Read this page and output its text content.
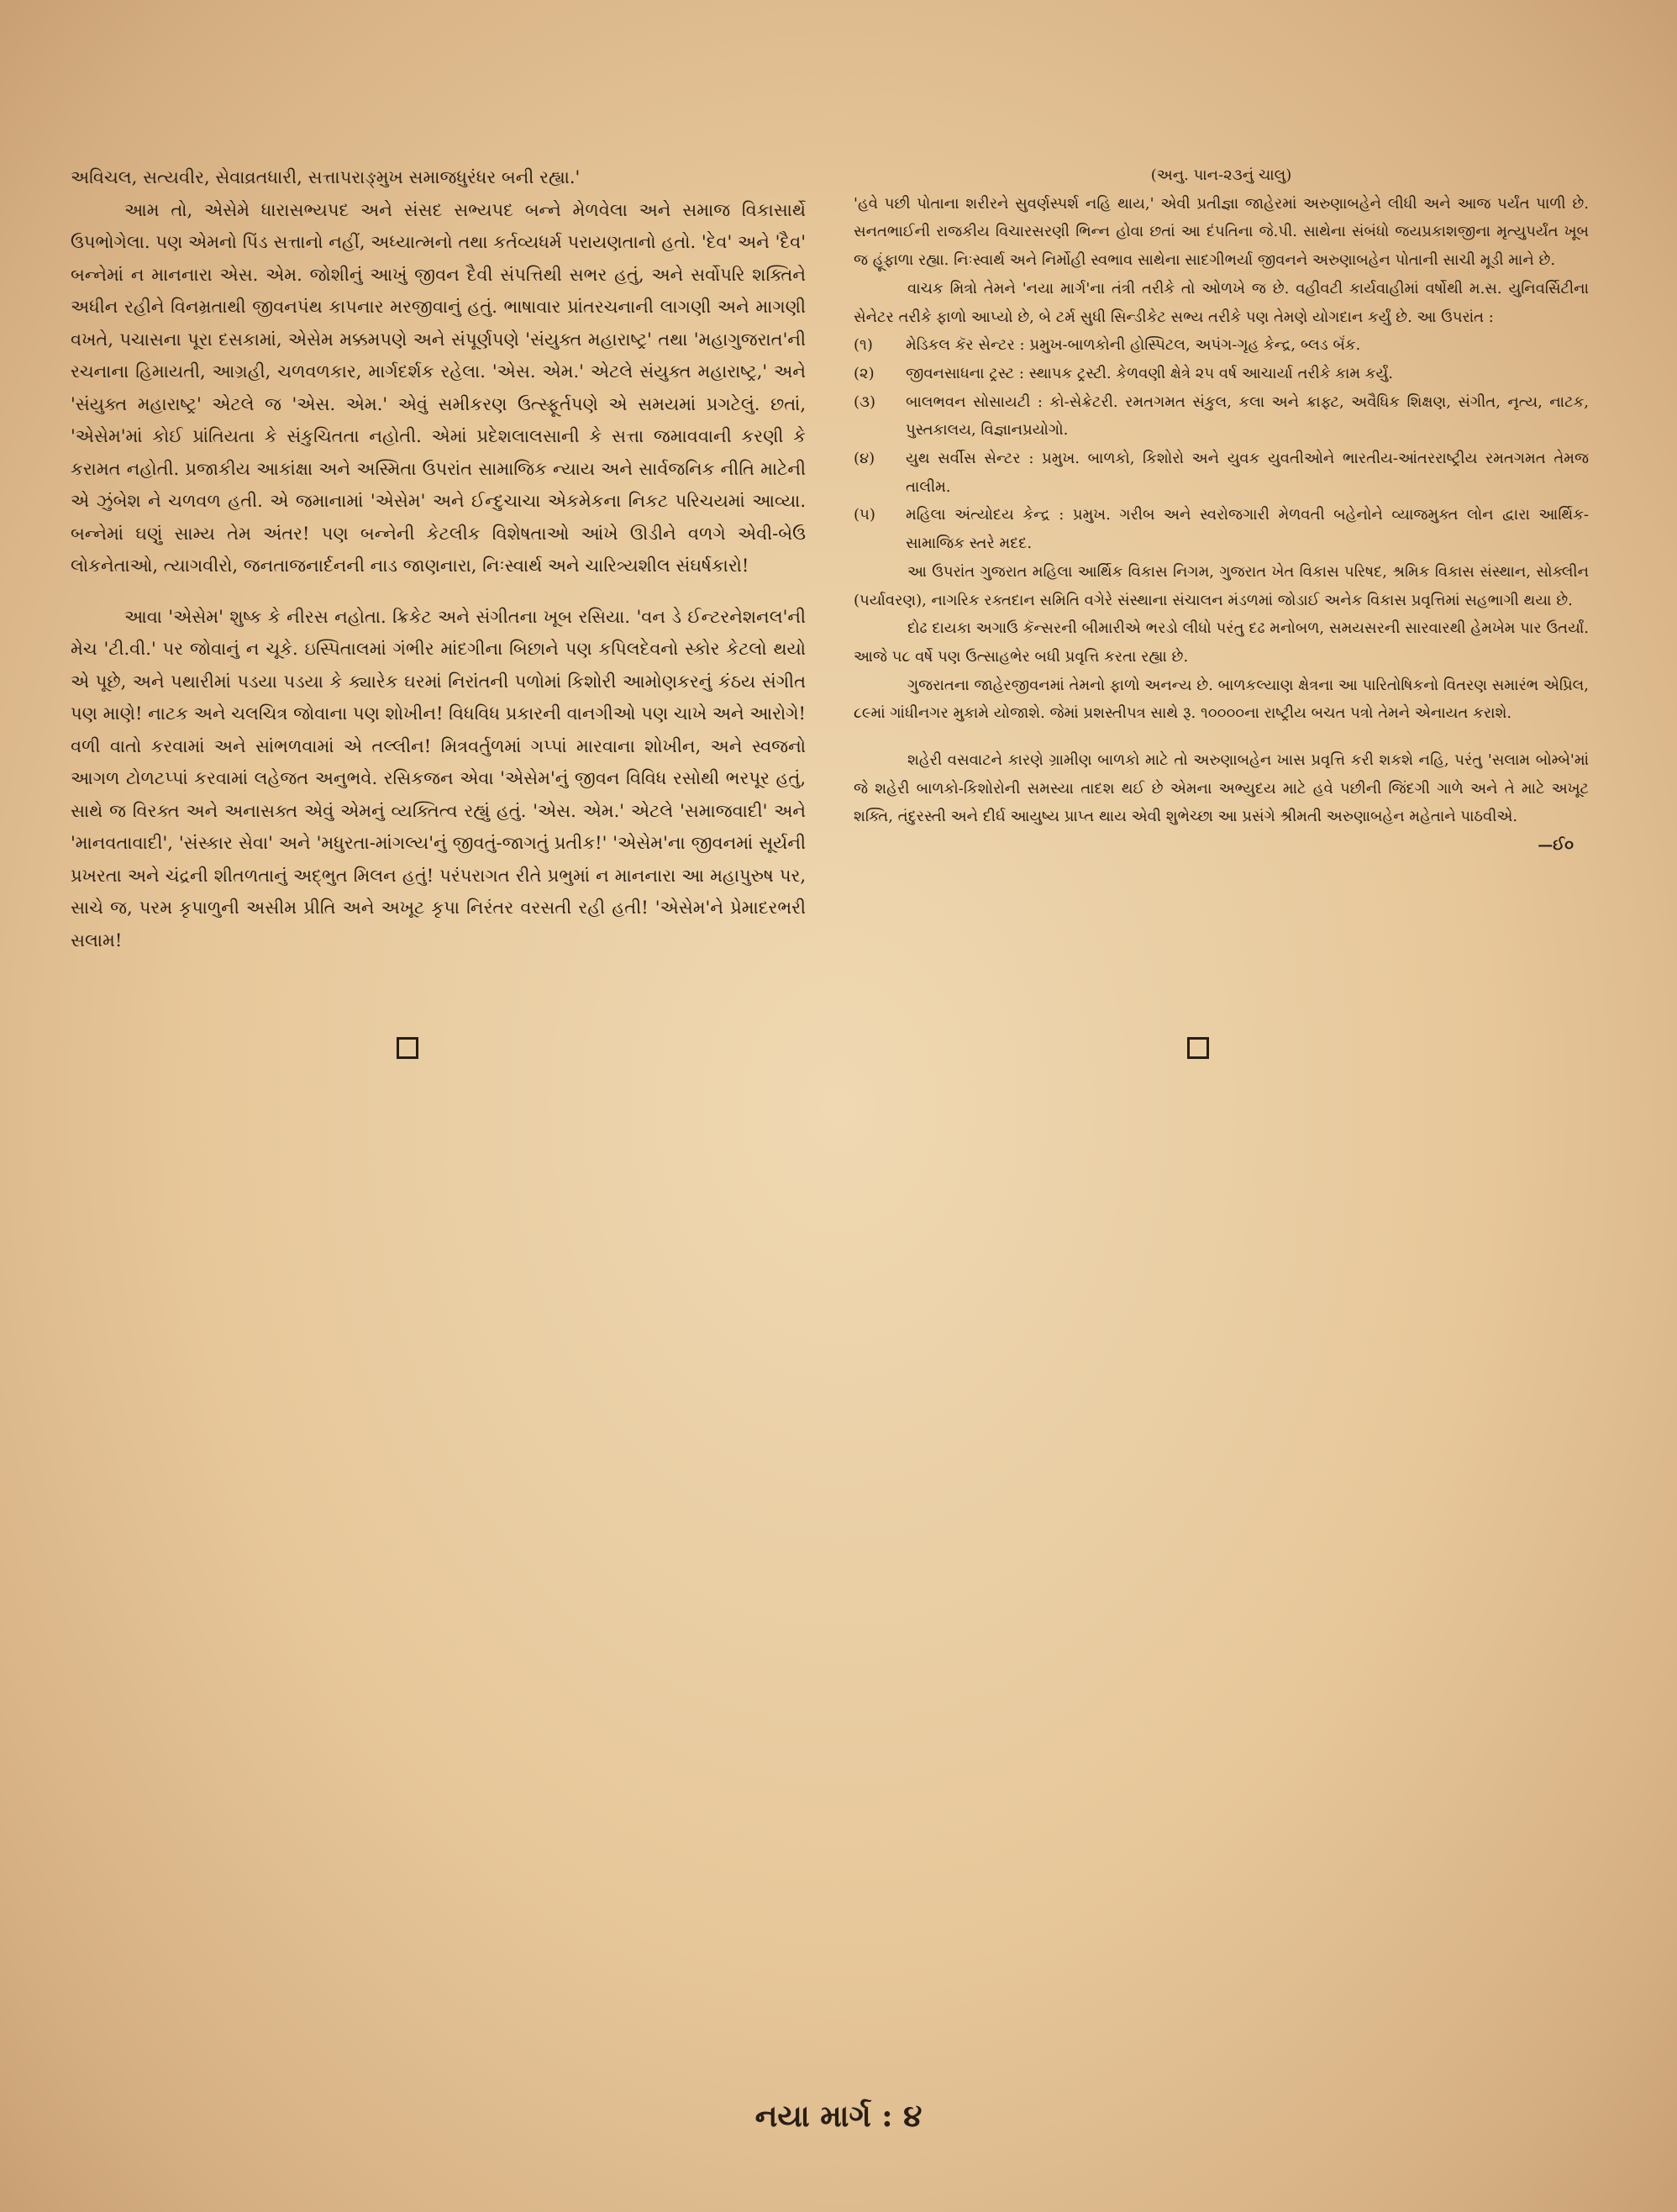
અવિચલ, સત્યવીર, સેવાવ્રતધારી, સત્તાપરાઙ્‌મુખ સમાજધુરંધર બની રહ્યા.'

આમ તો, એસેમે ધારાસભ્યપદ અને સંસદ સભ્યપદ બન્ને મેળવેલા અને સમાજ વિકાસાર્થે ઉપભોગેલા. પણ એમનો પિંડ સત્તાનો નહીં, અધ્યાત્મનો તથા કર્તવ્યધર્મ પરાયણતાનો હતો. 'દેવ' અને 'દૈવ' બન્નેમાં ન માનનારા એસ. એમ. જોશીનું આખું જીવન દૈવી સંપત્તિથી સભર હતું, અને સર્વોપરિ શક્તિને અધીન રહીને વિનમ્રતાથી જીવનપંથ કાપનાર મરજીવાનું હતું. ભાષાવાર પ્રાંતરચનાની લાગણી અને માગણી વખતે, પચાસના પૂરા દસકામાં, એસેમ મક્કમપણે અને સંપૂર્ણપણે 'સંયુક્ત મહારાષ્ટ્ર' તથા 'મહાગુજરાત'ની રચનાના હિમાયતી, આગ્રહી, ચળવળકાર, માર્ગદર્શક રહેલા. 'એસ. એમ.' એટલે સંયુક્ત મહારાષ્ટ્ર,' અને 'સંયુક્ત મહારાષ્ટ્ર' એટલે જ 'એસ. એમ.' એવું સમીકરણ ઉત્સ્ફૂર્તપણે એ સમયમાં પ્રગટેલું. છતાં, 'એસેમ'માં કોઈ પ્રાંતિયતા કે સંકુચિતતા નહોતી. એમાં પ્રદેશલાલસાની કે સત્તા જમાવવાની કરણી કે કરામત નહોતી. પ્રજાકીય આકાંક્ષા અને અસ્મિતા ઉપરાંત સામાજિક ન્યાય અને સાર્વજનિક નીતિ માટેની એ ઝુંબેશ ને ચળવળ હતી. એ જમાનામાં 'એસેમ' અને ઈન્દુચાચા એકમેકના નિકટ પરિચયમાં આવ્યા. બન્નેમાં ઘણું સામ્ય તેમ અંતર! પણ બન્નેની કેટલીક વિશેષતાઓ આંખે ઊડીને વળગે એવી-બેઉ લોકનેતાઓ, ત્યાગવીરો, જનતાજનાર્દનની નાડ જાણનારા, નિઃસ્વાર્થ અને ચારિત્ર્યશીલ સંઘર્ષકારો!

આવા 'એસેમ' શુષ્ક કે નીરસ નહોતા. ક્રિકેટ અને સંગીતના ખૂબ રસિયા. 'વન ડે ઈન્ટરનેશનલ'ની મેચ 'ટી.વી.' પર જોવાનું ન ચૂકે. ઇસ્પિતાલમાં ગંભીર માંદગીના બિછાને પણ કપિલદેવનો સ્કોર કેટલો થયો એ પૂછે, અને પથારીમાં પડયા પડયા કે ક્યારેક ઘરમાં નિરાંતની પળોમાં કિશોરી આમોણકરનું કંઠય સંગીત પણ માણે! નાટક અને ચલચિત્ર જોવાના પણ શોખીન! વિધવિધ પ્રકારની વાનગીઓ પણ ચાખે અને આરોગે! વળી વાતો કરવામાં અને સાંભળવામાં એ તલ્લીન! મિત્રવર્તુળમાં ગપ્પાં મારવાના શોખીન, અને સ્વજનો આગળ ટોળટપ્પાં કરવામાં લહેજત અનુભવે. રસિકજન એવા 'એસેમ'નું જીવન વિવિધ રસોથી ભરપૂર હતું, સાથે જ વિરક્ત અને અનાસક્ત એવું એમનું વ્યક્તિત્વ રહ્યું હતું. 'એસ. એમ.' એટલે 'સમાજવાદી' અને 'માનવતાવાદી', 'સંસ્કાર સેવા' અને 'મધુરતા-માંગલ્ય'નું જીવતું-જાગતું પ્રતીક!' 'એસેમ'ના જીવનમાં સૂર્યની પ્રખરતા અને ચંદ્રની શીતળતાનું અદ્ભુત મિલન હતું! પરંપરાગત રીતે પ્રભુમાં ન માનનારા આ મહાપુરુષ પર, સાચે જ, પરમ કૃપાળુની અસીમ પ્રીતિ અને અખૂટ કૃપા નિરંતર વરસતી રહી હતી! 'એસેમ'ને પ્રેમાદરભરી સલામ!

(અનુ. પાન-૨૩નું ચાલુ)

'હવે પછી પોતાના શરીરને સુવર્ણસ્પર્શ નહિ થાય,' એવી પ્રતીજ્ઞા જાહેરમાં અરુણાબહેને લીધી અને આજ પર્યંત પાળી છે. સનતભાઈની રાજકીય વિચારસરણી ભિન્ન હોવા છતાં આ દંપતિના જે.પી. સાથેના સંબંધો જયપ્રકાશજીના મૃત્યુપર્યંત ખૂબ જ હૂંફાળા રહ્યા. નિઃસ્વાર્થ અને નિર્મોહી સ્વભાવ સાથેના સાદગીભર્યા જીવનને અરુણાબહેન પોતાની સાચી મૂડી માને છે.

વાચક મિત્રો તેમને 'નયા માર્ગ'ના તંત્રી તરીકે તો ઓળખે જ છે. વહીવટી કાર્યવાહીમાં વર્ષોથી મ.સ. યુનિવર્સિટીના સેનેટર તરીકે ફાળો આપ્યો છે, બે ટર્મ સુધી સિન્ડીકેટ સભ્ય તરીકે પણ તેમણે યોગદાન કર્યું છે. આ ઉપરાંત :

(૧)	મેડિકલ કૅર સેન્ટર : પ્રમુખ-બાળકોની હોસ્પિટલ, અપંગ-ગૃહ કેન્દ્ર, બ્લડ બૅંક.
(૨)	જીવનસાધના ટ્રસ્ટ : સ્થાપક ટ્રસ્ટી. કેળવણી ક્ષેત્રે ૨૫ વર્ષ આચાર્યા તરીકે કામ કર્યું.
(૩)	બાલભવન સોસાયટી : કો-સેક્રેટરી. રમતગમત સંકુલ, કલા અને ક્રાફ્ટ, અવૈધિક શિક્ષણ, સંગીત, નૃત્ય, નાટક, પુસ્તકાલય, વિજ્ઞાનપ્રયોગો.
(૪)	યુથ સર્વીસ સેન્ટર : પ્રમુખ. બાળકો, કિશોરો અને યુવક યુવતીઓને ભારતીય-આંતરરાષ્ટ્રીય રમતગમત તેમજ તાલીમ.
(૫)	મહિલા અંત્યોદય કેન્દ્ર : પ્રમુખ. ગરીબ અને સ્વરોજગારી મેળવતી બહેનોને વ્યાજમુક્ત લોન દ્વારા આર્થિક-સામાજિક સ્તરે મદદ.

આ ઉપરાંત ગુજરાત મહિલા આર્થિક વિકાસ નિગમ, ગુજરાત ખેત વિકાસ પરિષદ, શ્રમિક વિકાસ સંસ્થાન, સોક્લીન (પર્યાવરણ), નાગરિક રક્તદાન સમિતિ વગેરે સંસ્થાના સંચાલન મંડળમાં જોડાઈ અનેક વિકાસ પ્રવૃત્તિમાં સહભાગી થયા છે.

દોઢ દાયકા અગાઉ કૅન્સરની બીમારીએ ભરડો લીધો પરંતુ દઢ મનોબળ, સમયસરની સારવારથી હેમખેમ પાર ઉતર્યાં. આજે ૫૮ વર્ષે પણ ઉત્સાહભેર બધી પ્રવૃત્તિ કરતા રહ્યા છે.

ગુજરાતના જાહેરજીવનમાં તેમનો ફાળો અનન્ય છે. બાળકલ્યાણ ક્ષેત્રના આ પારિતોષિકનો વિતરણ સમારંભ એપ્રિલ, ૮૯માં ગાંધીનગર મુકામે યોજાશે. જેમાં પ્રશસ્તીપત્ર સાથે રૂ. ૧૦૦૦૦ના રાષ્ટ્રીય બચત પત્રો તેમને એનાયત કરાશે.

શહેરી વસવાટને કારણે ગ્રામીણ બાળકો માટે તો અરુણાબહેન ખાસ પ્રવૃત્તિ કરી શકશે નહિ, પરંતુ 'સલામ બોમ્બે'માં જે શહેરી બાળકો-કિશોરોની સમસ્યા તાદશ થઈ છે એમના અભ્યુદય માટે હવે પછીની જિંદગી ગાળે અને તે માટે અખૂટ શક્તિ, તંદુરસ્તી અને દીર્ઘ આયુષ્ય પ્રાપ્ત થાય એવી શુભેચ્છા આ પ્રસંગે શ્રીમતી અરુણાબહેન મહેતાને પાઠવીએ.

—ઈ૦

નયા માર્ગ : ૪
